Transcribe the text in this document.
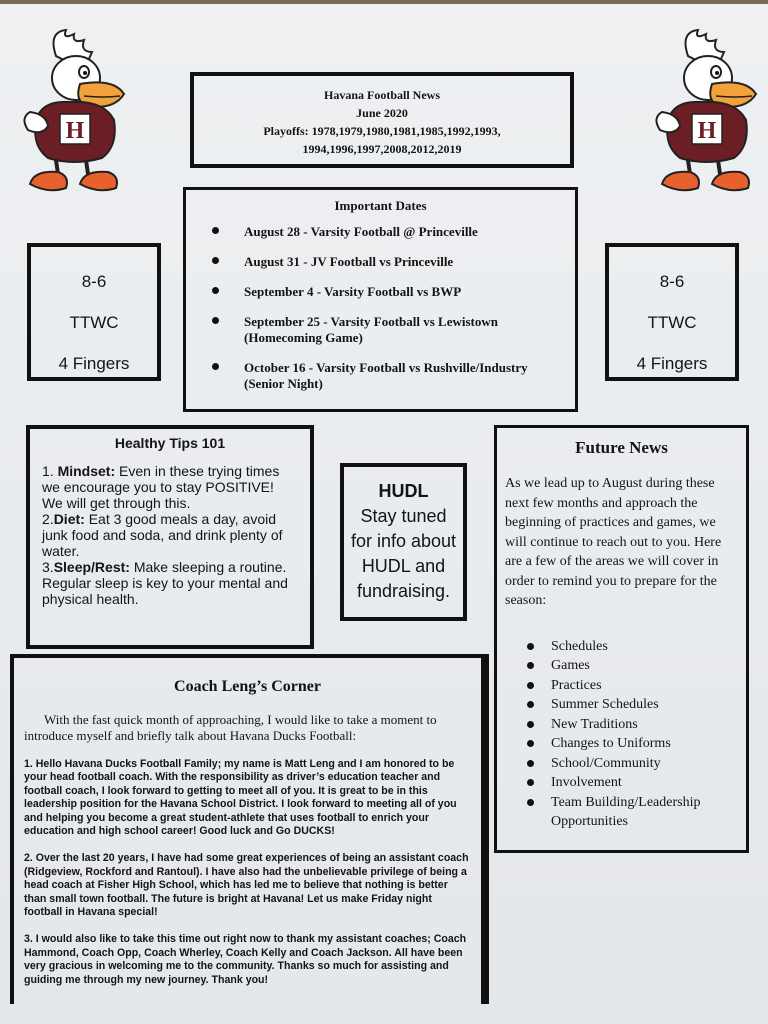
H	H
Havana Football News
June 2020
Playoffs: 1978,1979,1980,1981,1985,1992,1993,
1994,1996,1997,2008,2012,2019
Important Dates
August 28 - Varsity Football @ Princeville
August 31 - JV Football vs Princeville
September 4 - Varsity Football vs BWP
September 25 - Varsity Football vs Lewistown (Homecoming Game)
October 16 - Varsity Football vs Rushville/Industry (Senior Night)
8-6
TTWC
4 Fingers
8-6
TTWC
4 Fingers
Healthy Tips 101

1. Mindset: Even in these trying times we encourage you to stay POSITIVE! We will get through this.
2.Diet: Eat 3 good meals a day, avoid junk food and soda, and drink plenty of water.
3.Sleep/Rest: Make sleeping a routine. Regular sleep is key to your mental and physical health.

HUDL
Stay tuned
for info about
HUDL and
fundraising.
Future News

As we lead up to August during these next few months and approach the beginning of practices and games, we will continue to reach out to you. Here are a few of the areas we will cover in order to remind you to prepare for the season:

Schedules
Games
Practices
Summer Schedules
New Traditions
Changes to Uniforms
School/Community
Involvement
Team Building/Leadership Opportunities
Coach Leng’s Corner

With the fast quick month of approaching, I would like to take a moment to introduce myself and briefly talk about Havana Ducks Football:

1. Hello Havana Ducks Football Family; my name is Matt Leng and I am honored to be your head football coach. With the responsibility as driver’s education teacher and football coach, I look forward to getting to meet all of you. It is great to be in this leadership position for the Havana School District. I look forward to meeting all of you and helping you become a great student-athlete that uses football to enrich your education and high school career! Good luck and Go DUCKS!

2. Over the last 20 years, I have had some great experiences of being an assistant coach (Ridgeview, Rockford and Rantoul). I have also had the unbelievable privilege of being a head coach at Fisher High School, which has led me to believe that nothing is better than small town football. The future is bright at Havana! Let us make Friday night football in Havana special!

3. I would also like to take this time out right now to thank my assistant coaches; Coach Hammond, Coach Opp, Coach Wherley, Coach Kelly and Coach Jackson. All have been very gracious in welcoming me to the community. Thanks so much for assisting and guiding me through my new journey. Thank you!
